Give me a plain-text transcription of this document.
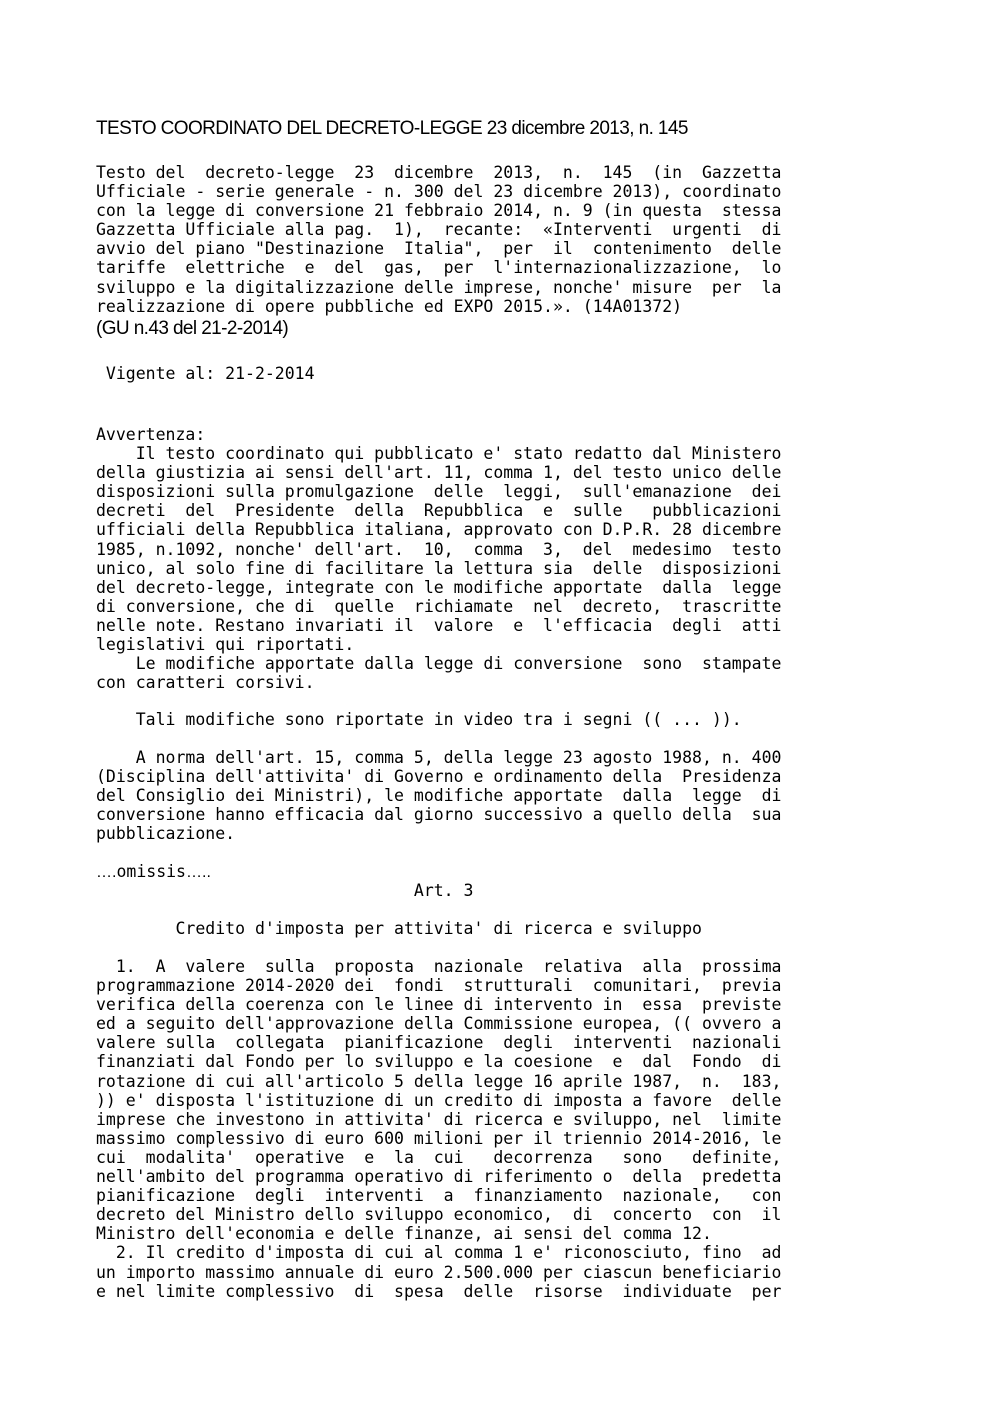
TESTO COORDINATO DEL DECRETO-LEGGE 23 dicembre 2013, n. 145
Testo del  decreto-legge  23  dicembre  2013,  n.  145  (in  Gazzetta
Ufficiale - serie generale - n. 300 del 23 dicembre 2013), coordinato
con la legge di conversione 21 febbraio 2014, n. 9 (in questa  stessa
Gazzetta Ufficiale alla pag.  1),  recante:  «Interventi  urgenti  di
avvio del piano "Destinazione  Italia",  per  il  contenimento  delle
tariffe  elettriche  e  del  gas,  per  l'internazionalizzazione,  lo
sviluppo e la digitalizzazione delle imprese, nonche' misure  per  la
realizzazione di opere pubbliche ed EXPO 2015.». (14A01372)
(GU n.43 del 21-2-2014)
Vigente al: 21-2-2014
Avvertenza:
Il testo coordinato qui pubblicato e' stato redatto dal Ministero
della giustizia ai sensi dell'art. 11, comma 1, del testo unico delle
disposizioni sulla promulgazione  delle  leggi,  sull'emanazione  dei
decreti  del  Presidente  della  Repubblica  e  sulle   pubblicazioni
ufficiali della Repubblica italiana, approvato con D.P.R. 28 dicembre
1985, n.1092, nonche' dell'art.  10,  comma  3,  del  medesimo  testo
unico, al solo fine di facilitare la lettura sia  delle  disposizioni
del decreto-legge, integrate con le modifiche apportate  dalla  legge
di conversione, che di  quelle  richiamate  nel  decreto,  trascritte
nelle note. Restano invariati il  valore  e  l'efficacia  degli  atti
legislativi qui riportati.
Le modifiche apportate dalla legge di conversione  sono  stampate
con caratteri corsivi.
Tali modifiche sono riportate in video tra i segni (( ... )).
A norma dell'art. 15, comma 5, della legge 23 agosto 1988, n. 400
(Disciplina dell'attivita' di Governo e ordinamento della  Presidenza
del Consiglio dei Ministri), le modifiche apportate  dalla  legge  di
conversione hanno efficacia dal giorno successivo a quello della  sua
pubblicazione.
….omissis…..
Art. 3
Credito d'imposta per attivita' di ricerca e sviluppo
1.  A  valere  sulla  proposta  nazionale  relativa  alla  prossima
programmazione 2014-2020 dei  fondi  strutturali  comunitari,  previa
verifica della coerenza con le linee di intervento in  essa  previste
ed a seguito dell'approvazione della Commissione europea, (( ovvero a
valere sulla  collegata  pianificazione  degli  interventi  nazionali
finanziati dal Fondo per lo sviluppo e la coesione  e  dal  Fondo  di
rotazione di cui all'articolo 5 della legge 16 aprile 1987,  n.  183,
)) e' disposta l'istituzione di un credito di imposta a favore  delle
imprese che investono in attivita' di ricerca e sviluppo, nel  limite
massimo complessivo di euro 600 milioni per il triennio 2014-2016, le
cui  modalita'  operative  e  la  cui   decorrenza   sono   definite,
nell'ambito del programma operativo di riferimento o  della  predetta
pianificazione  degli  interventi  a  finanziamento  nazionale,   con
decreto del Ministro dello sviluppo economico,  di  concerto  con  il
Ministro dell'economia e delle finanze, ai sensi del comma 12.
2. Il credito d'imposta di cui al comma 1 e' riconosciuto, fino  ad
un importo massimo annuale di euro 2.500.000 per ciascun beneficiario
e nel limite complessivo  di  spesa  delle  risorse  individuate  per
